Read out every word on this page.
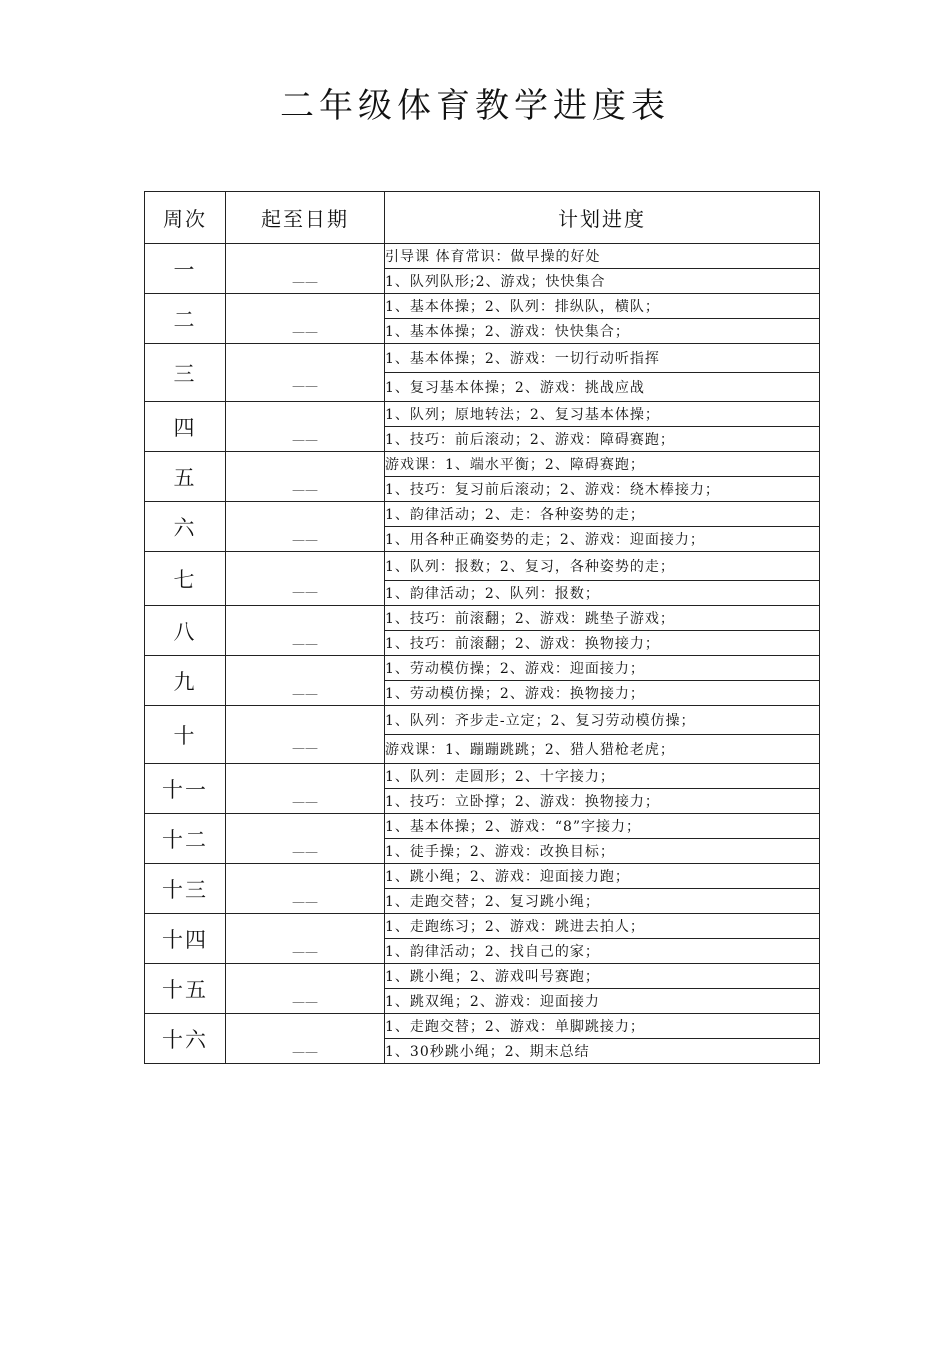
二年级体育教学进度表
周次	起至日期	计划进度
一	——	引导课 体育常识：做早操的好处
		1、队列队形;2、游戏；快快集合
二	——	1、基本体操；2、队列：排纵队，横队；
		1、基本体操；2、游戏：快快集合；
三	——	1、基本体操；2、游戏：一切行动听指挥
		1、复习基本体操；2、游戏：挑战应战
四	——	1、队列；原地转法；2、复习基本体操；
		1、技巧：前后滚动；2、游戏：障碍赛跑；
五	——	游戏课：1、端水平衡；2、障碍赛跑；
		1、技巧：复习前后滚动；2、游戏：绕木棒接力；
六	——	1、韵律活动；2、走：各种姿势的走；
		1、用各种正确姿势的走；2、游戏：迎面接力；
七	——	1、队列：报数；2、复习，各种姿势的走；
		1、韵律活动；2、队列：报数；
八	——	1、技巧：前滚翻；2、游戏：跳垫子游戏；
		1、技巧：前滚翻；2、游戏：换物接力；
九	——	1、劳动模仿操；2、游戏：迎面接力；
		1、劳动模仿操；2、游戏：换物接力；
十	——	1、队列：齐步走-立定；2、复习劳动模仿操；
		游戏课：1、蹦蹦跳跳；2、猎人猎枪老虎；
十一	——	1、队列：走圆形；2、十字接力；
		1、技巧：立卧撑；2、游戏：换物接力；
十二	——	1、基本体操；2、游戏：“8”字接力；
		1、徒手操；2、游戏：改换目标；
十三	——	1、跳小绳；2、游戏：迎面接力跑；
		1、走跑交替；2、复习跳小绳；
十四	——	1、走跑练习；2、游戏：跳进去拍人；
		1、韵律活动；2、找自己的家；
十五	——	1、跳小绳；2、游戏叫号赛跑；
		1、跳双绳；2、游戏：迎面接力
十六	——	1、走跑交替；2、游戏：单脚跳接力；
		1、30秒跳小绳；2、期末总结
